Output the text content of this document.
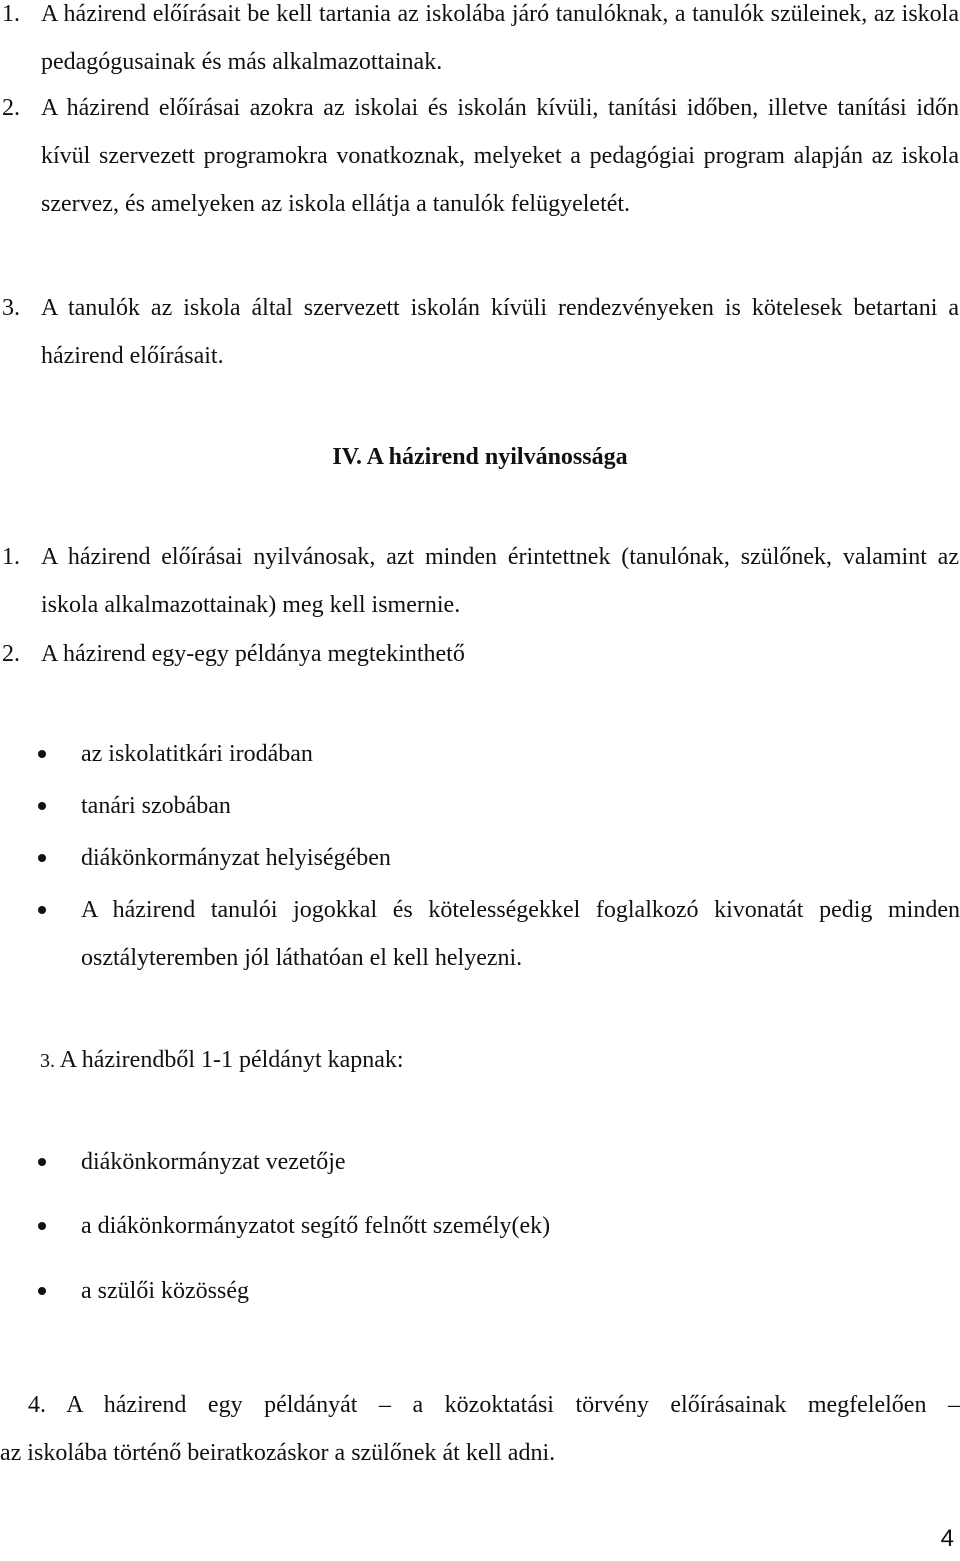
1. A házirend előírásait be kell tartania az iskolába járó tanulóknak, a tanulók szüleinek, az iskola pedagógusainak és más alkalmazottainak.
2. A házirend előírásai azokra az iskolai és iskolán kívüli, tanítási időben, illetve tanítási időn kívül szervezett programokra vonatkoznak, melyeket a pedagógiai program alapján az iskola szervez, és amelyeken az iskola ellátja a tanulók felügyeletét.
3. A tanulók az iskola által szervezett iskolán kívüli rendezvényeken is kötelesek betartani a házirend előírásait.
IV. A házirend nyilvánossága
1. A házirend előírásai nyilvánosak, azt minden érintettnek (tanulónak, szülőnek, valamint az iskola alkalmazottainak) meg kell ismernie.
2. A házirend egy-egy példánya megtekinthető
az iskolatitkári irodában
tanári szobában
diákönkormányzat helyiségében
A házirend tanulói jogokkal és kötelességekkel foglalkozó kivonatát pedig minden osztályteremben jól láthatóan el kell helyezni.
3. A házirendből 1-1 példányt kapnak:
diákönkormányzat vezetője
a diákönkormányzatot segítő felnőtt személy(ek)
a szülői közösség
4. A házirend egy példányát – a közoktatási törvény előírásainak megfelelően –
az iskolába történő beiratkozáskor a szülőnek át kell adni.
4
